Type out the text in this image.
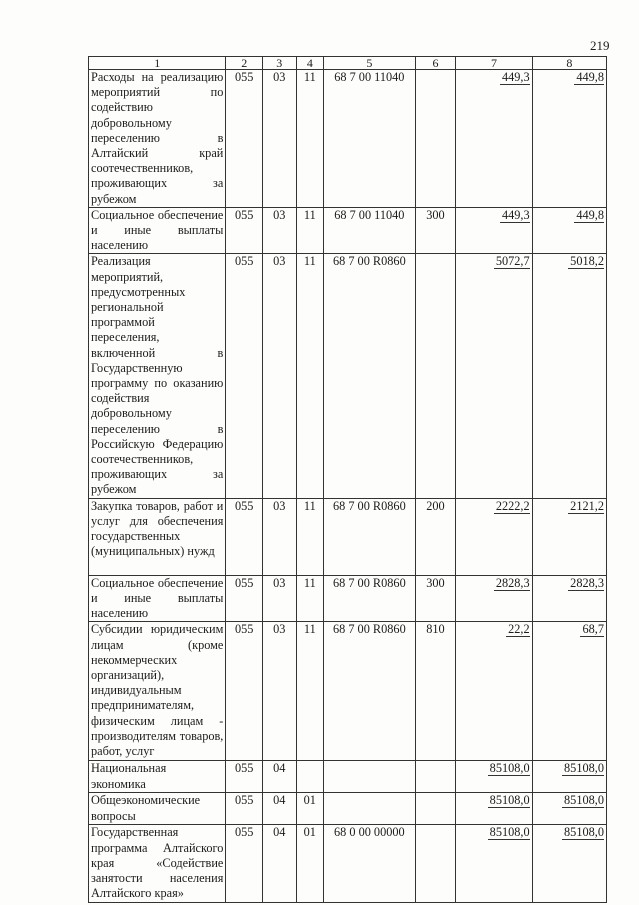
219
1	2	3	4	5	6	7	8
Расходы на реализацию мероприятий по содействию добровольному переселению в Алтайский край соотечественников, проживающих за рубежом	055	03	11	68 7 00 11040		449,3	449,8
Социальное обеспечение и иные выплаты населению	055	03	11	68 7 00 11040	300	449,3	449,8
Реализация мероприятий, предусмотренных региональной программой переселения, включенной в Государственную программу по оказанию содействия добровольному переселению в Российскую Федерацию соотечественников, проживающих за рубежом	055	03	11	68 7 00 R0860		5072,7	5018,2
Закупка товаров, работ и услуг для обеспечения государственных (муниципальных) нужд	055	03	11	68 7 00 R0860	200	2222,2	2121,2
Социальное обеспечение и иные выплаты населению	055	03	11	68 7 00 R0860	300	2828,3	2828,3
Субсидии юридическим лицам (кроме некоммерческих организаций), индивидуальным предпринимателям, физическим лицам - производителям товаров, работ, услуг	055	03	11	68 7 00 R0860	810	22,2	68,7
Национальная экономика	055	04				85108,0	85108,0
Общеэкономические вопросы	055	04	01			85108,0	85108,0
Государственная программа Алтайского края «Содействие занятости населения Алтайского края»	055	04	01	68 0 00 00000		85108,0	85108,0
